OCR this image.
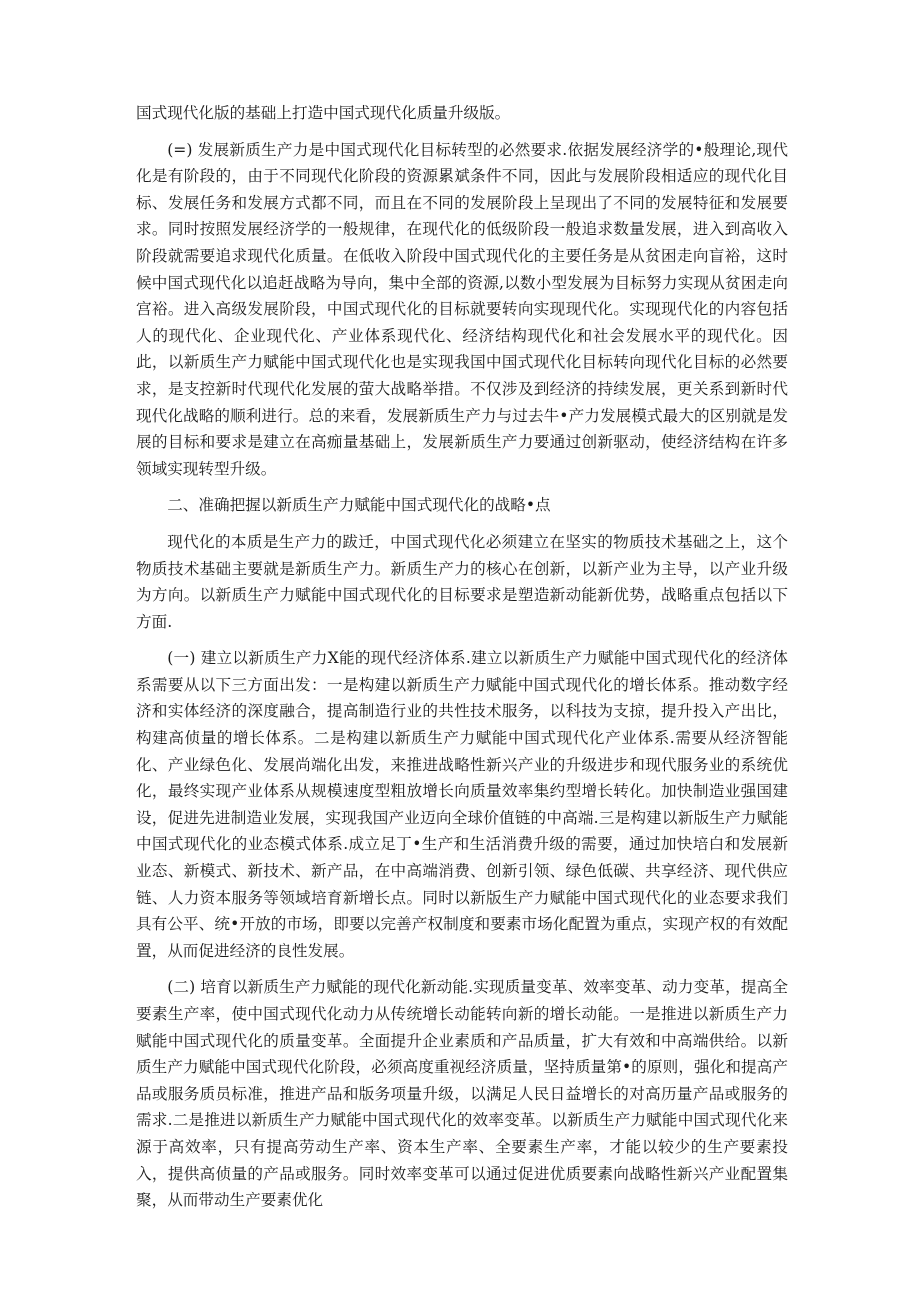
国式现代化版的基础上打造中国式现代化质量升级版。

(=) 发展新质生产力是中国式现代化目标转型的必然要求.依据发展经济学的•般理论,现代化是有阶段的，由于不同现代化阶段的资源累斌条件不同，因此与发展阶段相适应的现代化目标、发展任务和发展方式都不同，而且在不同的发展阶段上呈现出了不同的发展特征和发展要求。同时按照发展经济学的一般规律，在现代化的低级阶段一般追求数量发展，进入到高收入阶段就需要追求现代化质量。在低收入阶段中国式现代化的主要任务是从贫困走向盲裕，这时候中国式现代化以追赶战略为导向，集中全部的资源,以数小型发展为目标努力实现从贫困走向宫裕。进入高级发展阶段，中国式现代化的目标就要转向实现现代化。实现现代化的内容包括人的现代化、企业现代化、产业体系现代化、经济结构现代化和社会发展水平的现代化。因此，以新质生产力赋能中国式现代化也是实现我国中国式现代化目标转向现代化目标的必然要求，是支控新时代现代化发展的萤大战略举措。不仅涉及到经济的持续发展，更关系到新时代现代化战略的顺利进行。总的来看，发展新质生产力与过去牛•产力发展模式最大的区别就是发展的目标和要求是建立在高痂量基础上，发展新质生产力要通过创新驱动，使经济结构在许多领域实现转型升级。

二、准确把握以新质生产力赋能中国式现代化的战略•点

现代化的本质是生产力的跋迁，中国式现代化必须建立在坚实的物质技术基础之上，这个物质技术基础主要就是新质生产力。新质生产力的核心在创新，以新产业为主导，以产业升级为方向。以新质生产力赋能中国式现代化的目标要求是塑造新动能新优势，战略重点包括以下方面.

(一) 建立以新质生产力X能的现代经济体系.建立以新质生产力赋能中国式现代化的经济体系需要从以下三方面出发：一是构建以新质生产力赋能中国式现代化的增长体系。推动数字经济和实体经济的深度融合，提高制造行业的共性技术服务，以科技为支掠，提升投入产出比，构建高侦量的增长体系。二是构建以新质生产力赋能中国式现代化产业体系.需要从经济智能化、产业绿色化、发展尚端化出发，来推进战略性新兴产业的升级进步和现代服务业的系统优化，最终实现产业体系从规模速度型粗放增长向质量效率集约型增长转化。加快制造业强国建设，促进先进制造业发展，实现我国产业迈向全球价值链的中高端.三是构建以新版生产力赋能中国式现代化的业态模式体系.成立足丁•生产和生活消费升级的需要，通过加快培白和发展新业态、新模式、新技术、新产品，在中高端消费、创新引领、绿色低碳、共享经济、现代供应链、人力资本服务等领域培育新增长点。同时以新版生产力赋能中国式现代化的业态要求我们具有公平、统•开放的市场，即要以完善产权制度和要素市场化配置为重点，实现产权的有效配置，从而促进经济的良性发展。

(二) 培育以新质生产力赋能的现代化新动能.实现质量变革、效率变革、动力变革，提高全要素生产率，使中国式现代化动力从传统增长动能转向新的增长动能。一是推进以新质生产力赋能中国式现代化的质量变革。全面提升企业素质和产品质量，扩大有效和中高端供给。以新质生产力赋能中国式现代化阶段，必须高度重视经济质量，坚持质量第•的原则，强化和提高产品或服务质员标准，推进产品和版务项量升级，以满足人民日益增长的对高历量产品或服务的需求.二是推进以新质生产力赋能中国式现代化的效率变革。以新质生产力赋能中国式现代化来源于高效率，只有提高劳动生产率、资本生产率、全要素生产率，才能以较少的生产要素投入，提供高侦量的产品或服务。同时效率变革可以通过促进优质要素向战略性新兴产业配置集聚，从而带动生产要素优化
